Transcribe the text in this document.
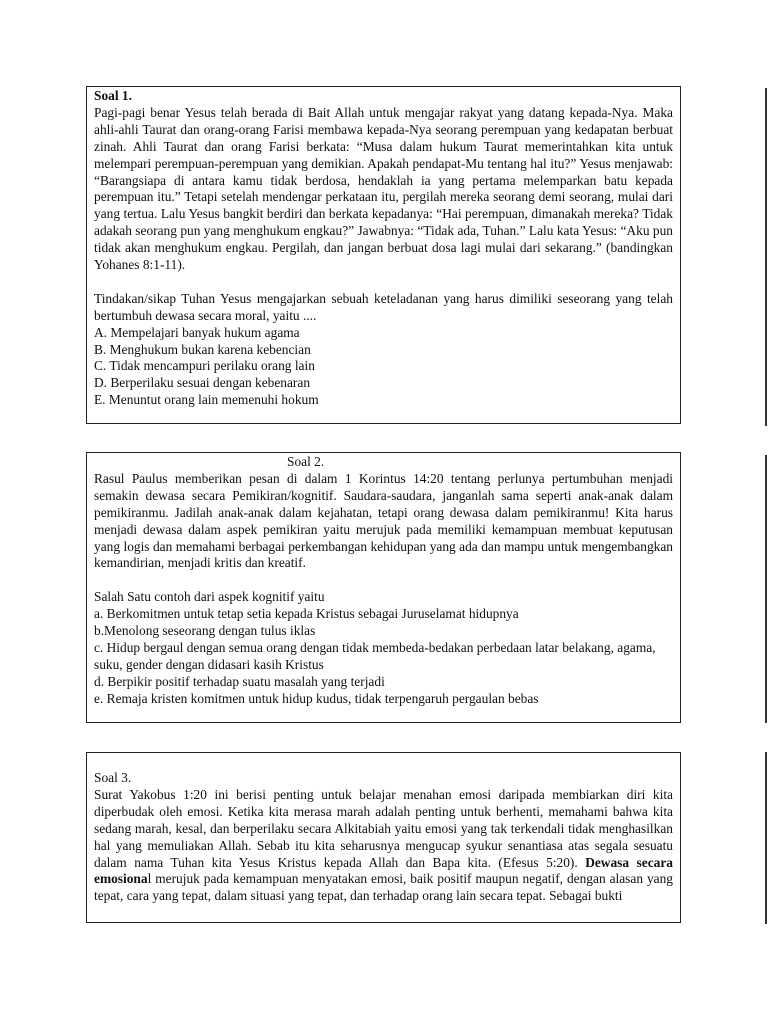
Soal 1.
Pagi-pagi benar Yesus telah berada di Bait Allah untuk mengajar rakyat yang datang kepada-Nya. Maka ahli-ahli Taurat dan orang-orang Farisi membawa kepada-Nya seorang perempuan yang kedapatan berbuat zinah. Ahli Taurat dan orang Farisi berkata: “Musa dalam hukum Taurat memerintahkan kita untuk melempari perempuan-perempuan yang demikian. Apakah pendapat-Mu tentang hal itu?” Yesus menjawab: “Barangsiapa di antara kamu tidak berdosa, hendaklah ia yang pertama melemparkan batu kepada perempuan itu.” Tetapi setelah mendengar perkataan itu, pergilah mereka seorang demi seorang, mulai dari yang tertua. Lalu Yesus bangkit berdiri dan berkata kepadanya: “Hai perempuan, dimanakah mereka? Tidak adakah seorang pun yang menghukum engkau?” Jawabnya: “Tidak ada, Tuhan.” Lalu kata Yesus: “Aku pun tidak akan menghukum engkau. Pergilah, dan jangan berbuat dosa lagi mulai dari sekarang.” (bandingkan Yohanes 8:1-11).
Tindakan/sikap Tuhan Yesus mengajarkan sebuah keteladanan yang harus dimiliki seseorang yang telah bertumbuh dewasa secara moral, yaitu ....
A. Mempelajari banyak hukum agama
B. Menghukum bukan karena kebencian
C. Tidak mencampuri perilaku orang lain
D. Berperilaku sesuai dengan kebenaran
E. Menuntut orang lain memenuhi hokum
Soal 2.
Rasul Paulus memberikan pesan di dalam 1 Korintus 14:20 tentang perlunya pertumbuhan menjadi semakin dewasa secara Pemikiran/kognitif. Saudara-saudara, janganlah sama seperti anak-anak dalam pemikiranmu. Jadilah anak-anak dalam kejahatan, tetapi orang dewasa dalam pemikiranmu! Kita harus menjadi dewasa dalam aspek pemikiran yaitu merujuk pada memiliki kemampuan membuat keputusan yang logis dan memahami berbagai perkembangan kehidupan yang ada dan mampu untuk mengembangkan kemandirian, menjadi kritis dan kreatif.
Salah Satu contoh dari aspek kognitif yaitu
a. Berkomitmen untuk tetap setia kepada Kristus sebagai Juruselamat hidupnya
b.Menolong seseorang dengan tulus iklas
c. Hidup bergaul dengan semua orang dengan tidak membeda-bedakan perbedaan latar belakang, agama, suku, gender dengan didasari kasih Kristus
d. Berpikir positif terhadap suatu masalah yang terjadi
e. Remaja kristen komitmen untuk hidup kudus, tidak terpengaruh pergaulan bebas
Soal 3.
Surat Yakobus 1:20 ini berisi penting untuk belajar menahan emosi daripada membiarkan diri kita diperbudak oleh emosi. Ketika kita merasa marah adalah penting untuk berhenti, memahami bahwa kita sedang marah, kesal, dan berperilaku secara Alkitabiah yaitu emosi yang tak terkendali tidak menghasilkan hal yang memuliakan Allah. Sebab itu kita seharusnya mengucap syukur senantiasa atas segala sesuatu dalam nama Tuhan kita Yesus Kristus kepada Allah dan Bapa kita. (Efesus 5:20). Dewasa secara emosional merujuk pada kemampuan menyatakan emosi, baik positif maupun negatif, dengan alasan yang tepat, cara yang tepat, dalam situasi yang tepat, dan terhadap orang lain secara tepat. Sebagai bukti
